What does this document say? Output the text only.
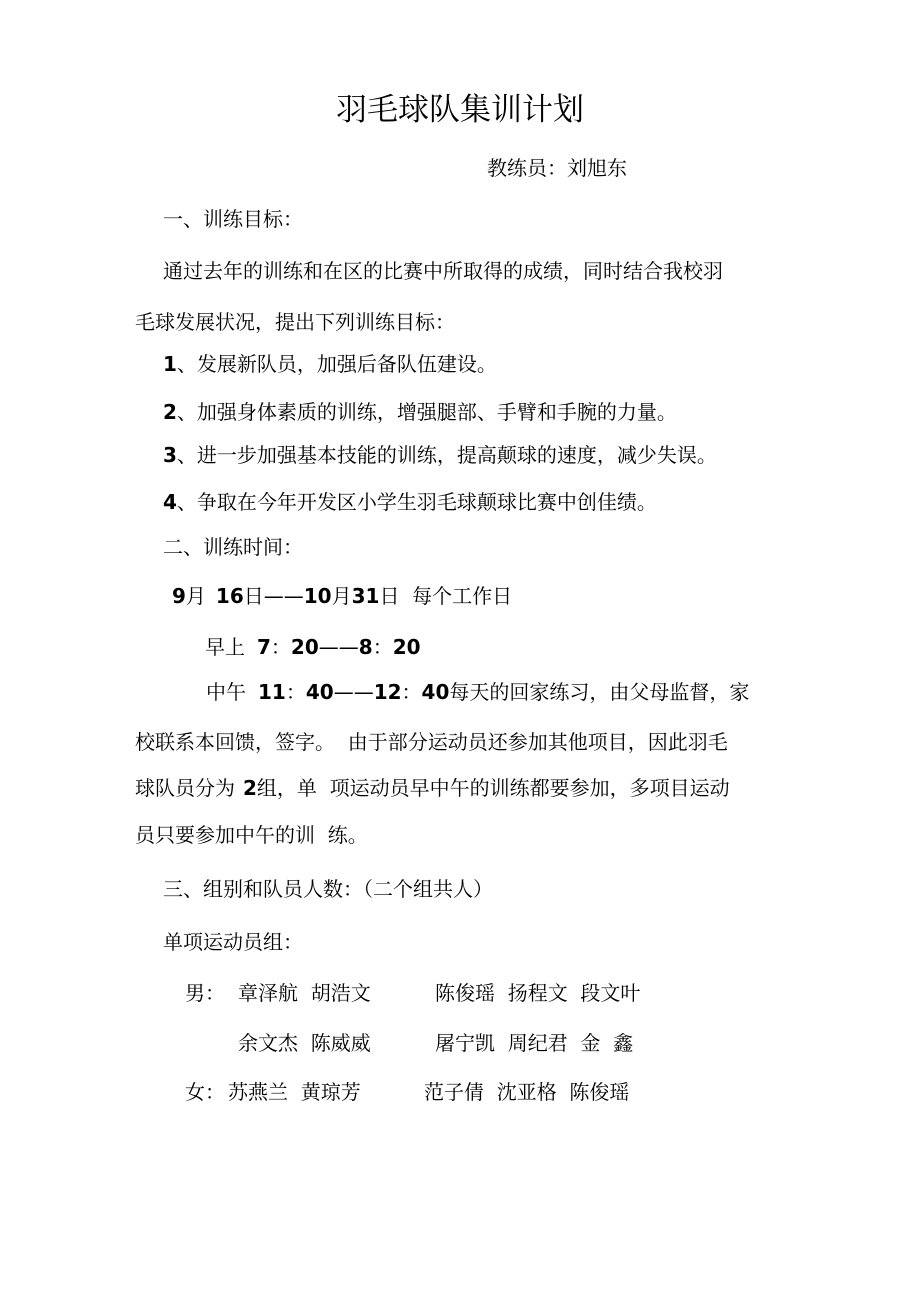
羽毛球队集训计划
教练员：刘旭东
一、训练目标：
通过去年的训练和在区的比赛中所取得的成绩，同时结合我校羽
毛球发展状况，提出下列训练目标：
1、发展新队员，加强后备队伍建设。
2、加强身体素质的训练，增强腿部、手臂和手腕的力量。
3、进一步加强基本技能的训练，提高颠球的速度，减少失误。
4、争取在今年开发区小学生羽毛球颠球比赛中创佳绩。
二、训练时间：
9月 16日——10月31日  每个工作日
早上 7：20——8：20
中午 11：40——12：40每天的回家练习，由父母监督，家
校联系本回馈，签字。  由于部分运动员还参加其他项目，因此羽毛
球队员分为 2组，单  项运动员早中午的训练都要参加，多项目运动
员只要参加中午的训  练。
三、组别和队员人数：（二个组共人）
单项运动员组：
男： 章泽航  胡浩文	陈俊瑶  扬程文  段文叶
余文杰  陈威威	屠宁凯  周纪君  金  鑫
女： 苏燕兰  黄琼芳	范子倩  沈亚格  陈俊瑶
